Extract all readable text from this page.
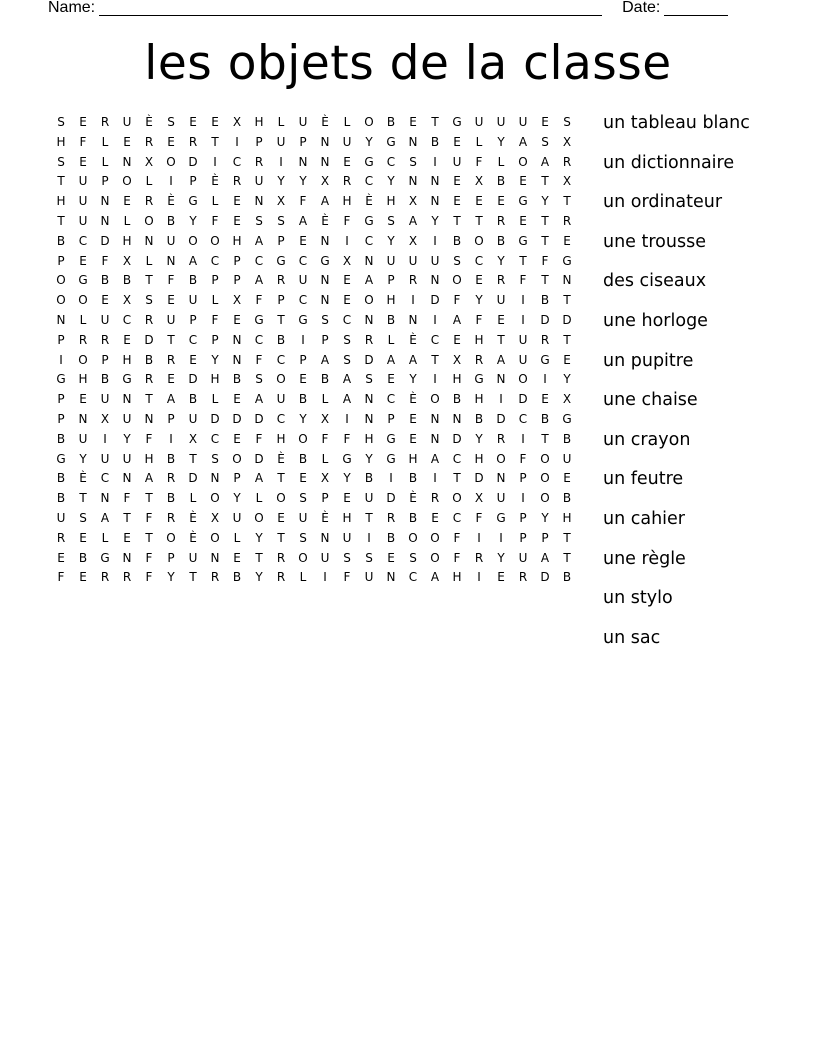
Name:	Date:
les objets de la classe
S	E	R	U	È	S	E	E	X	H	L	U	È	L	O	B	E	T	G	U	U	U	E	S
H	F	L	E	R	E	R	T	I	P	U	P	N	U	Y	G	N	B	E	L	Y	A	S	X
S	E	L	N	X	O	D	I	C	R	I	N	N	E	G	C	S	I	U	F	L	O	A	R
T	U	P	O	L	I	P	È	R	U	Y	Y	X	R	C	Y	N	N	E	X	B	E	T	X
H	U	N	E	R	È	G	L	E	N	X	F	A	H	È	H	X	N	E	E	E	G	Y	T
T	U	N	L	O	B	Y	F	E	S	S	A	È	F	G	S	A	Y	T	T	R	E	T	R
B	C	D	H	N	U	O	O	H	A	P	E	N	I	C	Y	X	I	B	O	B	G	T	E
P	E	F	X	L	N	A	C	P	C	G	C	G	X	N	U	U	U	S	C	Y	T	F	G
O	G	B	B	T	F	B	P	P	A	R	U	N	E	A	P	R	N	O	E	R	F	T	N
O	O	E	X	S	E	U	L	X	F	P	C	N	E	O	H	I	D	F	Y	U	I	B	T
N	L	U	C	R	U	P	F	E	G	T	G	S	C	N	B	N	I	A	F	E	I	D	D
P	R	R	E	D	T	C	P	N	C	B	I	P	S	R	L	È	C	E	H	T	U	R	T
I	O	P	H	B	R	E	Y	N	F	C	P	A	S	D	A	A	T	X	R	A	U	G	E
G	H	B	G	R	E	D	H	B	S	O	E	B	A	S	E	Y	I	H	G	N	O	I	Y
P	E	U	N	T	A	B	L	E	A	U	B	L	A	N	C	È	O	B	H	I	D	E	X
P	N	X	U	N	P	U	D	D	D	C	Y	X	I	N	P	E	N	N	B	D	C	B	G
B	U	I	Y	F	I	X	C	E	F	H	O	F	F	H	G	E	N	D	Y	R	I	T	B
G	Y	U	U	H	B	T	S	O	D	È	B	L	G	Y	G	H	A	C	H	O	F	O	U
B	È	C	N	A	R	D	N	P	A	T	E	X	Y	B	I	B	I	T	D	N	P	O	E
B	T	N	F	T	B	L	O	Y	L	O	S	P	E	U	D	È	R	O	X	U	I	O	B
U	S	A	T	F	R	È	X	U	O	E	U	È	H	T	R	B	E	C	F	G	P	Y	H
R	E	L	E	T	O	È	O	L	Y	T	S	N	U	I	B	O	O	F	I	I	P	P	T
E	B	G	N	F	P	U	N	E	T	R	O	U	S	S	E	S	O	F	R	Y	U	A	T
F	E	R	R	F	Y	T	R	B	Y	R	L	I	F	U	N	C	A	H	I	E	R	D	B
un tableau blanc
un dictionnaire
un ordinateur
une trousse
des ciseaux
une horloge
un pupitre
une chaise
un crayon
un feutre
un cahier
une règle
un stylo
un sac
